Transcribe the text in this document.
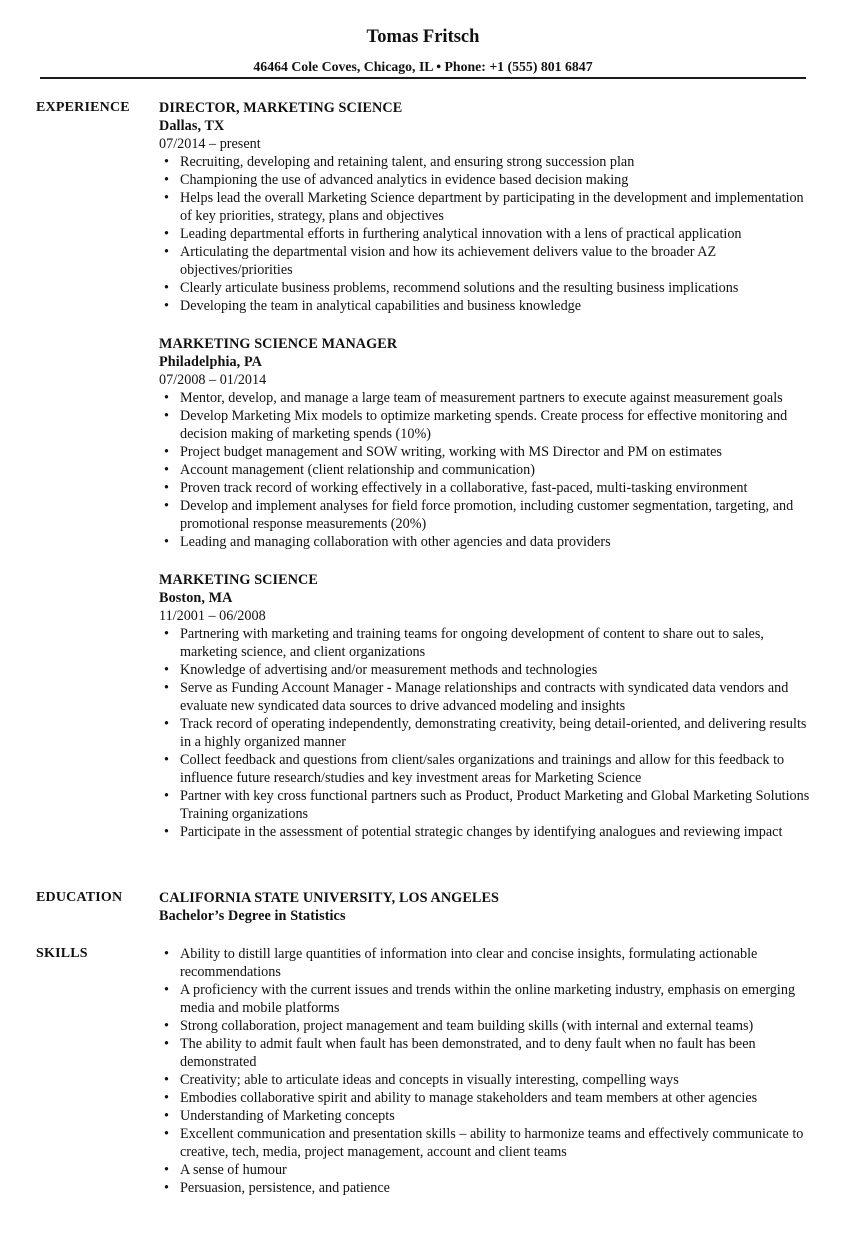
Tomas Fritsch
46464 Cole Coves, Chicago, IL • Phone: +1 (555) 801 6847
EXPERIENCE DIRECTOR, MARKETING SCIENCE
Dallas, TX
07/2014 – present
• Recruiting, developing and retaining talent, and ensuring strong succession plan
• Championing the use of advanced analytics in evidence based decision making
• Helps lead the overall Marketing Science department by participating in the development and implementation of key priorities, strategy, plans and objectives
• Leading departmental efforts in furthering analytical innovation with a lens of practical application
• Articulating the departmental vision and how its achievement delivers value to the broader AZ objectives/priorities
• Clearly articulate business problems, recommend solutions and the resulting business implications
• Developing the team in analytical capabilities and business knowledge
MARKETING SCIENCE MANAGER
Philadelphia, PA
07/2008 – 01/2014
• Mentor, develop, and manage a large team of measurement partners to execute against measurement goals
• Develop Marketing Mix models to optimize marketing spends. Create process for effective monitoring and decision making of marketing spends (10%)
• Project budget management and SOW writing, working with MS Director and PM on estimates
• Account management (client relationship and communication)
• Proven track record of working effectively in a collaborative, fast-paced, multi-tasking environment
• Develop and implement analyses for field force promotion, including customer segmentation, targeting, and promotional response measurements (20%)
• Leading and managing collaboration with other agencies and data providers
MARKETING SCIENCE
Boston, MA
11/2001 – 06/2008
• Partnering with marketing and training teams for ongoing development of content to share out to sales, marketing science, and client organizations
• Knowledge of advertising and/or measurement methods and technologies
• Serve as Funding Account Manager - Manage relationships and contracts with syndicated data vendors and evaluate new syndicated data sources to drive advanced modeling and insights
• Track record of operating independently, demonstrating creativity, being detail-oriented, and delivering results in a highly organized manner
• Collect feedback and questions from client/sales organizations and trainings and allow for this feedback to influence future research/studies and key investment areas for Marketing Science
• Partner with key cross functional partners such as Product, Product Marketing and Global Marketing Solutions Training organizations
• Participate in the assessment of potential strategic changes by identifying analogues and reviewing impact
EDUCATION	CALIFORNIA STATE UNIVERSITY, LOS ANGELES
Bachelor’s Degree in Statistics
SKILLS
•	Ability to distill large quantities of information into clear and concise insights, formulating actionable recommendations
• A proficiency with the current issues and trends within the online marketing industry, emphasis on emerging media and mobile platforms
• Strong collaboration, project management and team building skills (with internal and external teams)
• The ability to admit fault when fault has been demonstrated, and to deny fault when no fault has been demonstrated
• Creativity; able to articulate ideas and concepts in visually interesting, compelling ways
• Embodies collaborative spirit and ability to manage stakeholders and team members at other agencies
• Understanding of Marketing concepts
• Excellent communication and presentation skills – ability to harmonize teams and effectively communicate to creative, tech, media, project management, account and client teams
• A sense of humour
• Persuasion, persistence, and patience
